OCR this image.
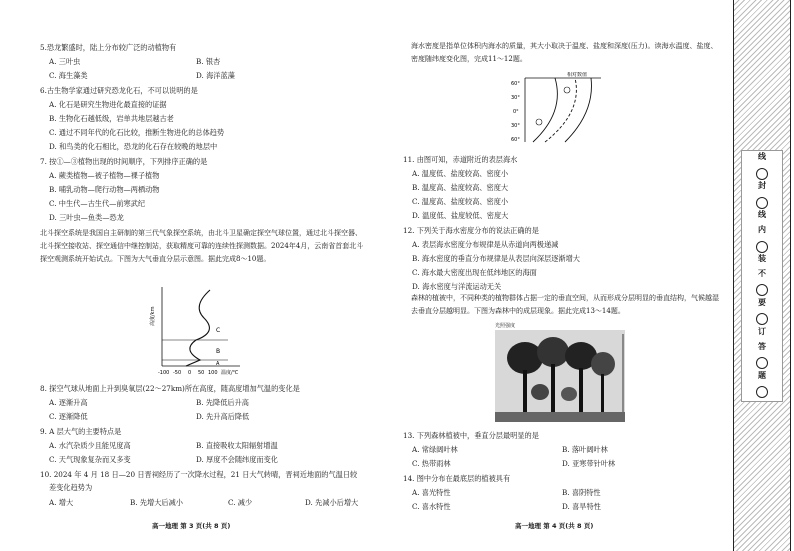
5.恐龙繁盛时，陆上分布较广泛的动植物有
A. 三叶虫	B. 银杏
C. 海生藻类	D. 海洋蓝藻
6.古生物学家通过研究恐龙化石，不可以说明的是
A. 化石是研究生物进化最直接的证据
B. 生物化石越低级，岩单共地层越古老
C. 通过不同年代的化石比较，推断生物进化的总体趋势
D. 和鸟类的化石相比，恐龙的化石存在较晚的地层中
7. 按①—③植物出现的时间顺序，下列排序正确的是
A. 蕨类植物—被子植物—裸子植物
B. 哺乳动物—爬行动物—两栖动物
C. 中生代—古生代—前寒武纪
D. 三叶虫—鱼类—恐龙
北斗探空系统是我国自主研制的第三代气象探空系统，由北斗卫星确定探空气球位置，通过北斗探空器、北斗探空接收站、探空通信中继控制站，获取精度可靠的连续性探测数据。2024年4月，云南省首套北斗探空观测系统开始试点。下图为大气垂直分层示意图。据此完成8～10题。
高度/km
C
B
A
-100 -50 0 50 100 温度/℃
8. 探空气球从地面上升到臭氧层(22～27km)所在高度，随高度增加气温的变化是
A. 逐渐升高	B. 先降低后升高
C. 逐渐降低	D. 先升高后降低
9. A 层大气的主要特点是
A. 水汽杂质少且能见度高	B. 直接吸收太阳辐射增温
C. 天气现象复杂而又多变	D. 厚度不会随纬度而变化
10. 2024 年 4 月 18 日—20 日晋祠经历了一次降水过程，21 日大气转晴，晋祠近地面的气温日较
差变化趋势为
A. 增大	B. 先增大后减小	C. 减少	D. 先减小后增大
高一地理 第 3 页(共 8 页)
海水密度是指单位体积内海水的质量，其大小取决于温度、盐度和深度(压力)。读海水温度、盐度、密度随纬度变化图，完成11～12题。
相对数值
60°
30°
0°
30°
60°
11. 由图可知，赤道附近的表层海水
A. 温度低、盐度较高、密度小
B. 温度高、盐度较高、密度大
C. 温度高、盐度较高、密度小
D. 温度低、盐度较低、密度大
12. 下列关于海水密度分布的说法正确的是
A. 表层海水密度分布规律是从赤道向两极递减
B. 海水密度的垂直分布规律是从表层向深层逐渐增大
C. 海水最大密度出现在低纬地区的海面
D. 海水密度与洋流运动无关
森林的植被中，不同种类的植物群体占据一定的垂直空间，从而形成分层明显的垂直结构，气候越湿去垂直分层越明显。下图为森林中的成层现象。据此完成13～14题。
光照强度
13. 下列森林植被中，垂直分层最明显的是
A. 常绿阔叶林	B. 落叶阔叶林
C. 热带雨林	D. 亚寒带针叶林
14. 图中分布在最底层的植被具有
A. 喜光特性	B. 喜阴特性
C. 喜水特性	D. 喜旱特性
高一地理 第 4 页(共 8 页)
线
封
线
内
装
不
要
订
答
题
